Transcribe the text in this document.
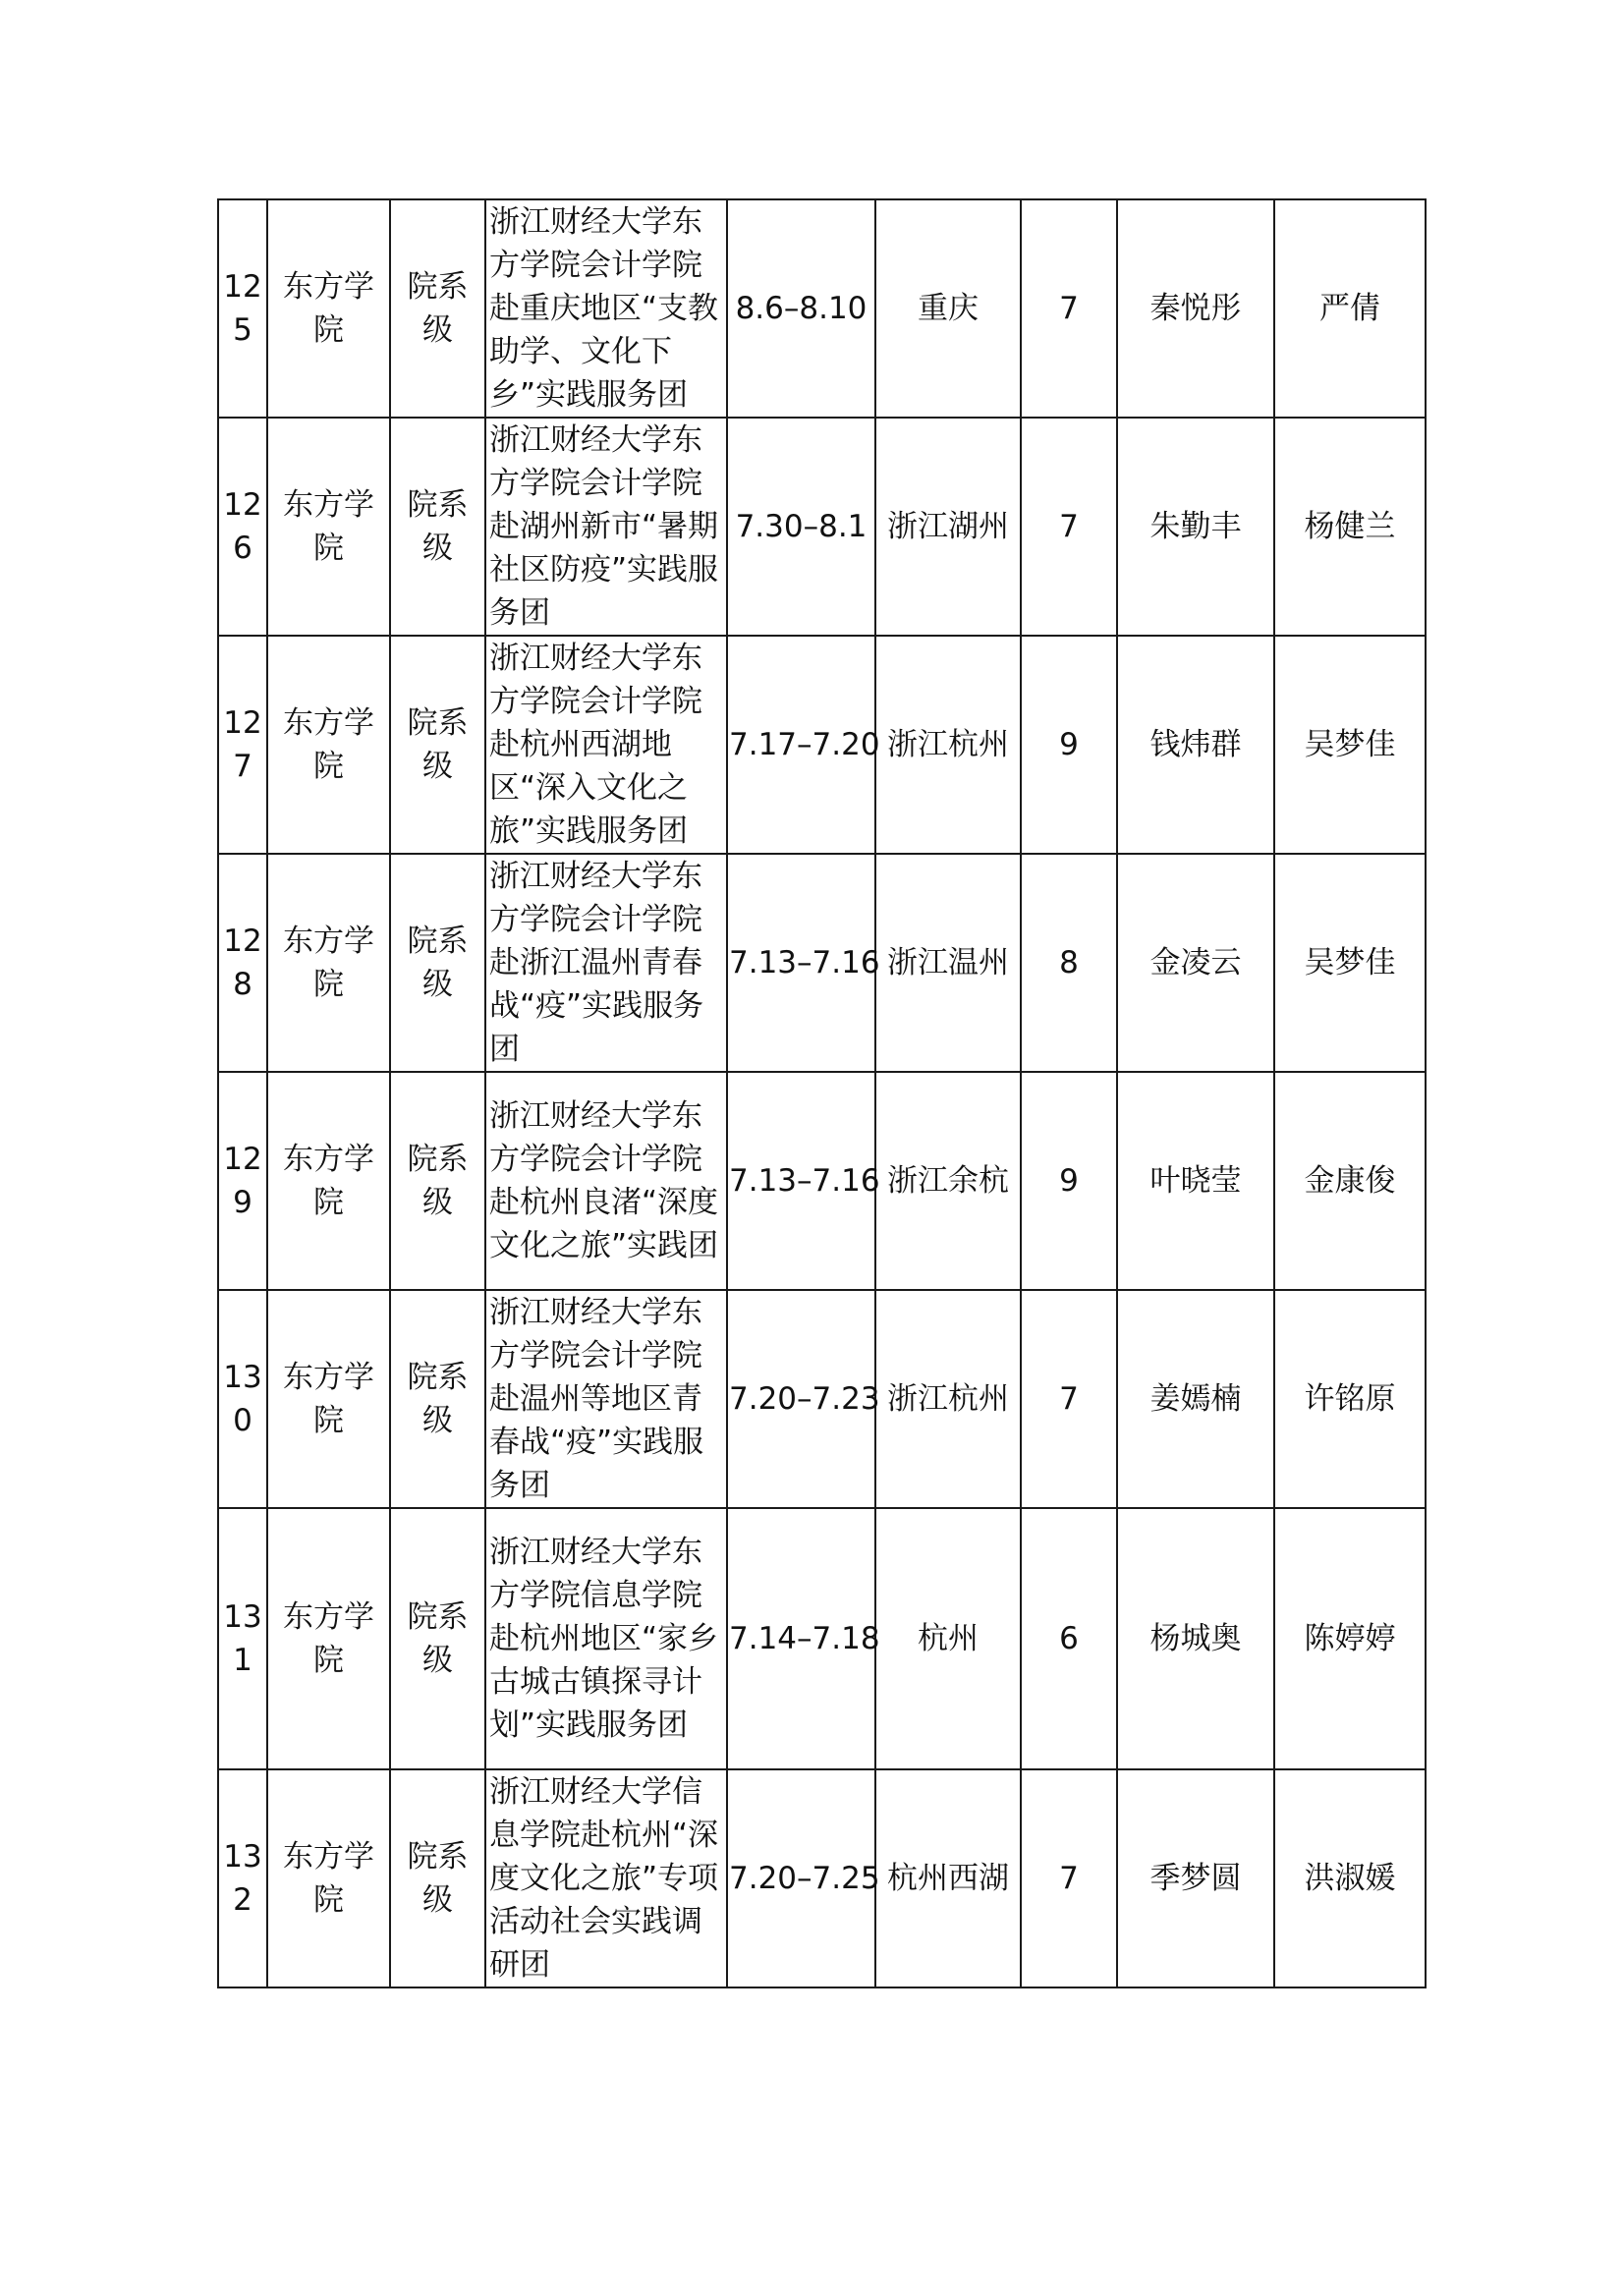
125	东方学院	院系级	浙江财经大学东方学院会计学院赴重庆地区“支教助学、文化下乡”实践服务团	8.6–8.10	重庆	7	秦悦彤	严倩
126	东方学院	院系级	浙江财经大学东方学院会计学院赴湖州新市“暑期社区防疫”实践服务团	7.30–8.1	浙江湖州	7	朱勤丰	杨健兰
127	东方学院	院系级	浙江财经大学东方学院会计学院赴杭州西湖地区“深入文化之旅”实践服务团	7.17–7.20	浙江杭州	9	钱炜群	吴梦佳
128	东方学院	院系级	浙江财经大学东方学院会计学院赴浙江温州青春战“疫”实践服务团	7.13–7.16	浙江温州	8	金凌云	吴梦佳
129	东方学院	院系级	浙江财经大学东方学院会计学院赴杭州良渚“深度文化之旅”实践团	7.13–7.16	浙江余杭	9	叶晓莹	金康俊
130	东方学院	院系级	浙江财经大学东方学院会计学院赴温州等地区青春战“疫”实践服务团	7.20–7.23	浙江杭州	7	姜嫣楠	许铭原
131	东方学院	院系级	浙江财经大学东方学院信息学院赴杭州地区“家乡古城古镇探寻计划”实践服务团	7.14–7.18	杭州	6	杨城奥	陈婷婷
132	东方学院	院系级	浙江财经大学信息学院赴杭州“深度文化之旅”专项活动社会实践调研团	7.20–7.25	杭州西湖	7	季梦圆	洪淑媛
